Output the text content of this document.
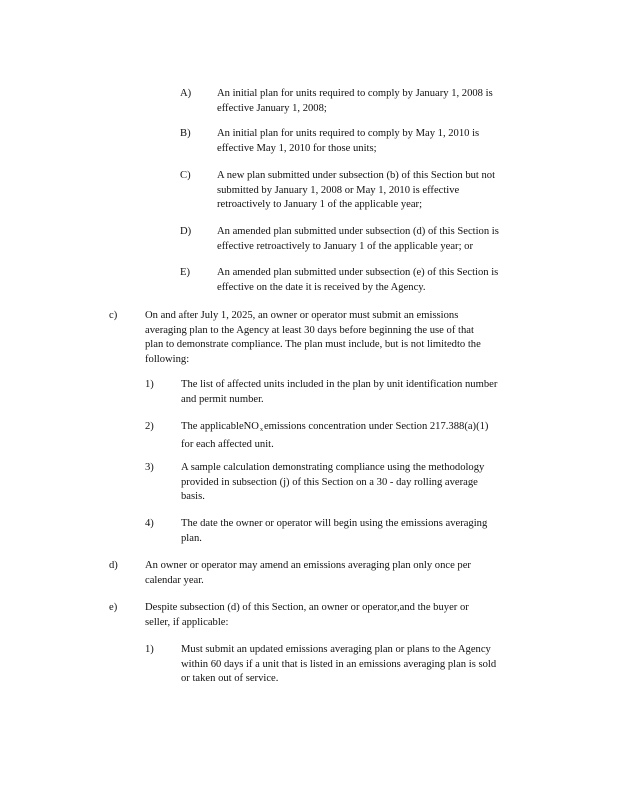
A) An initial plan for units required to comply by January 1, 2008 is
effective January 1, 2008;
B) An initial plan for units required to comply by May 1, 2010 is
effective May 1, 2010 for those units;
C) A new plan submitted under subsection (b) of this Section but not
submitted by January 1, 2008 or May 1, 2010 is effective
retroactively to January 1 of the applicable year;
D) An amended plan submitted under subsection (d) of this Section is
effective retroactively to January 1 of the applicable year; or
E)	An amended plan submitted under subsection (e) of this Section is
effective on the date it is received by the Agency.
c)	On and after July 1, 2025, an owner or operator must submit an emissions
averaging plan to the Agency at least 30 days before beginning the use of that
plan to demonstrate compliance. The plan must include, but is not limitedto the
following:
1)	The list of affected units included in the plan by unit identification number
and permit number.
2)	The applicableNO$_x$emissions concentration under Section 217.388(a)(1)
for each affected unit.
3)	A sample calculation demonstrating compliance using the methodology
provided in subsection (j) of this Section on a 30 - day rolling average
basis.
4)	The date the owner or operator will begin using the emissions averaging
plan.
d)	An owner or operator may amend an emissions averaging plan only once per
calendar year.
e)	Despite subsection (d) of this Section, an owner or operator,and the buyer or
seller, if applicable:
1)	Must submit an updated emissions averaging plan or plans to the Agency
within 60 days if a unit that is listed in an emissions averaging plan is sold
or taken out of service.
